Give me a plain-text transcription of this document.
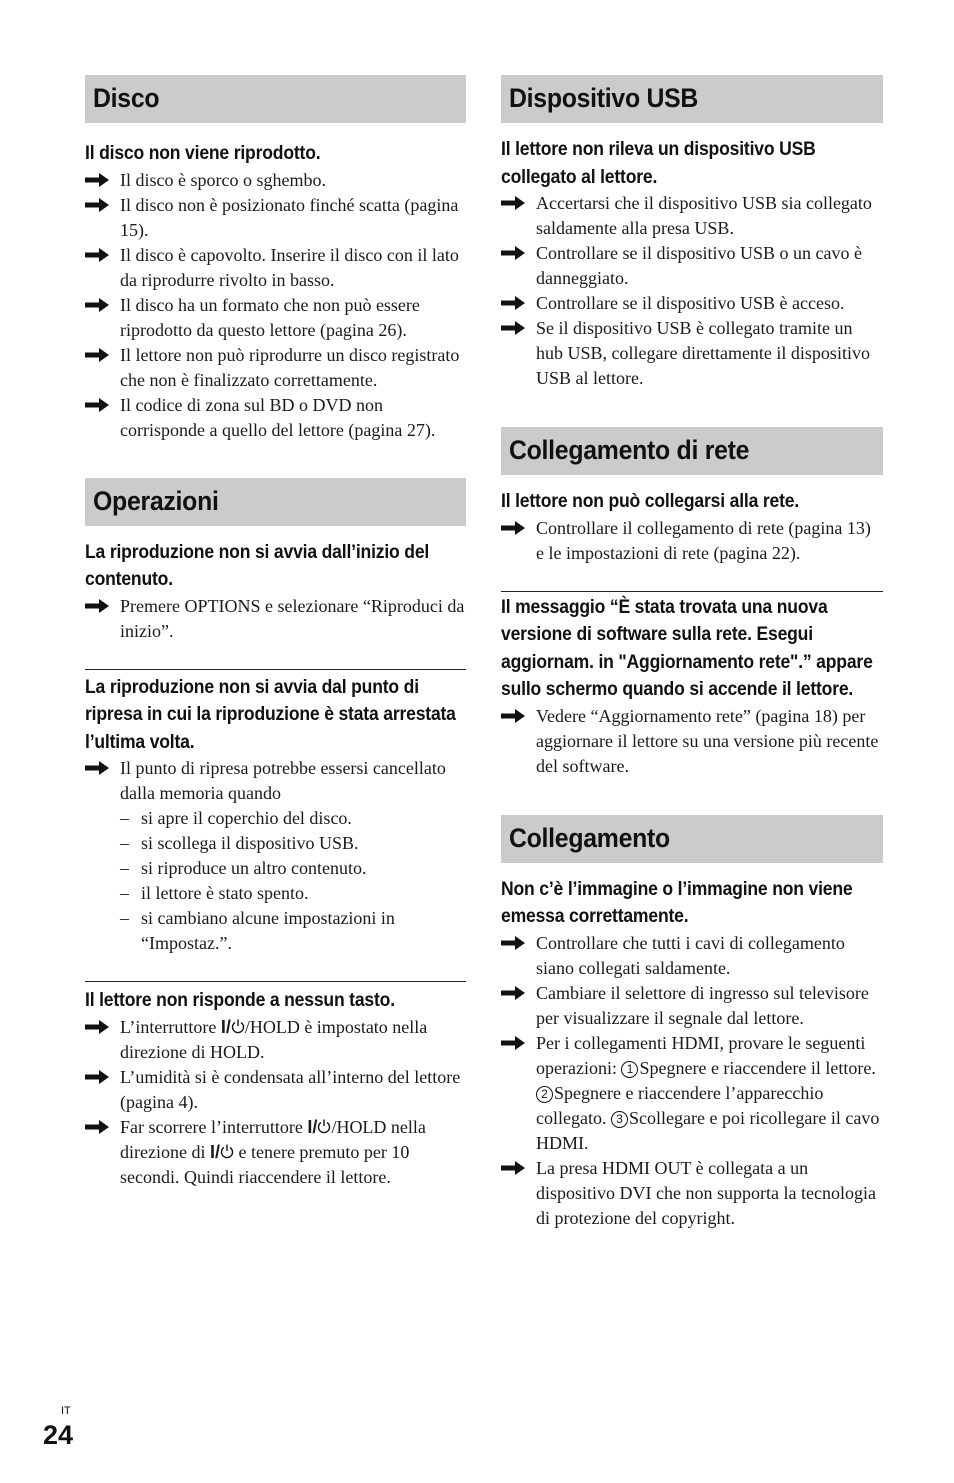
Disco

Il disco non viene riprodotto.

Il disco è sporco o sghembo.

Il disco non è posizionato finché scatta (pagina 15).

Il disco è capovolto. Inserire il disco con il lato da riprodurre rivolto in basso.

Il disco ha un formato che non può essere riprodotto da questo lettore (pagina 26).

Il lettore non può riprodurre un disco registrato che non è finalizzato correttamente.

Il codice di zona sul BD o DVD non corrisponde a quello del lettore (pagina 27).

Operazioni

La riproduzione non si avvia dall’inizio del contenuto.

Premere OPTIONS e selezionare “Riproduci da inizio”.

La riproduzione non si avvia dal punto di ripresa in cui la riproduzione è stata arrestata l’ultima volta.

Il punto di ripresa potrebbe essersi cancellato dalla memoria quando

– si apre il coperchio del disco.
– si scollega il dispositivo USB.
– si riproduce un altro contenuto.
– il lettore è stato spento.
– si cambiano alcune impostazioni in “Impostaz.”.

Il lettore non risponde a nessun tasto.

L’interruttore I/ /HOLD è impostato nella direzione di HOLD.

L’umidità si è condensata all’interno del lettore (pagina 4).

Far scorrere l’interruttore I/ /HOLD nella direzione di I/ e tenere premuto per 10 secondi. Quindi riaccendere il lettore.

Dispositivo USB

Il lettore non rileva un dispositivo USB collegato al lettore.

Accertarsi che il dispositivo USB sia collegato saldamente alla presa USB.

Controllare se il dispositivo USB o un cavo è danneggiato.

Controllare se il dispositivo USB è acceso.

Se il dispositivo USB è collegato tramite un hub USB, collegare direttamente il dispositivo USB al lettore.

Collegamento di rete

Il lettore non può collegarsi alla rete.

Controllare il collegamento di rete (pagina 13) e le impostazioni di rete (pagina 22).

Il messaggio “È stata trovata una nuova versione di software sulla rete. Esegui aggiornam. in "Aggiornamento rete".” appare sullo schermo quando si accende il lettore.

Vedere “Aggiornamento rete” (pagina 18) per aggiornare il lettore su una versione più recente del software.

Collegamento

Non c’è l’immagine o l’immagine non viene emessa correttamente.

Controllare che tutti i cavi di collegamento siano collegati saldamente.

Cambiare il selettore di ingresso sul televisore per visualizzare il segnale dal lettore.

Per i collegamenti HDMI, provare le seguenti operazioni: 1 Spegnere e riaccendere il lettore. 2 Spegnere e riaccendere l’apparecchio collegato. 3 Scollegare e poi ricollegare il cavo HDMI.

La presa HDMI OUT è collegata a un dispositivo DVI che non supporta la tecnologia di protezione del copyright.

IT
24
